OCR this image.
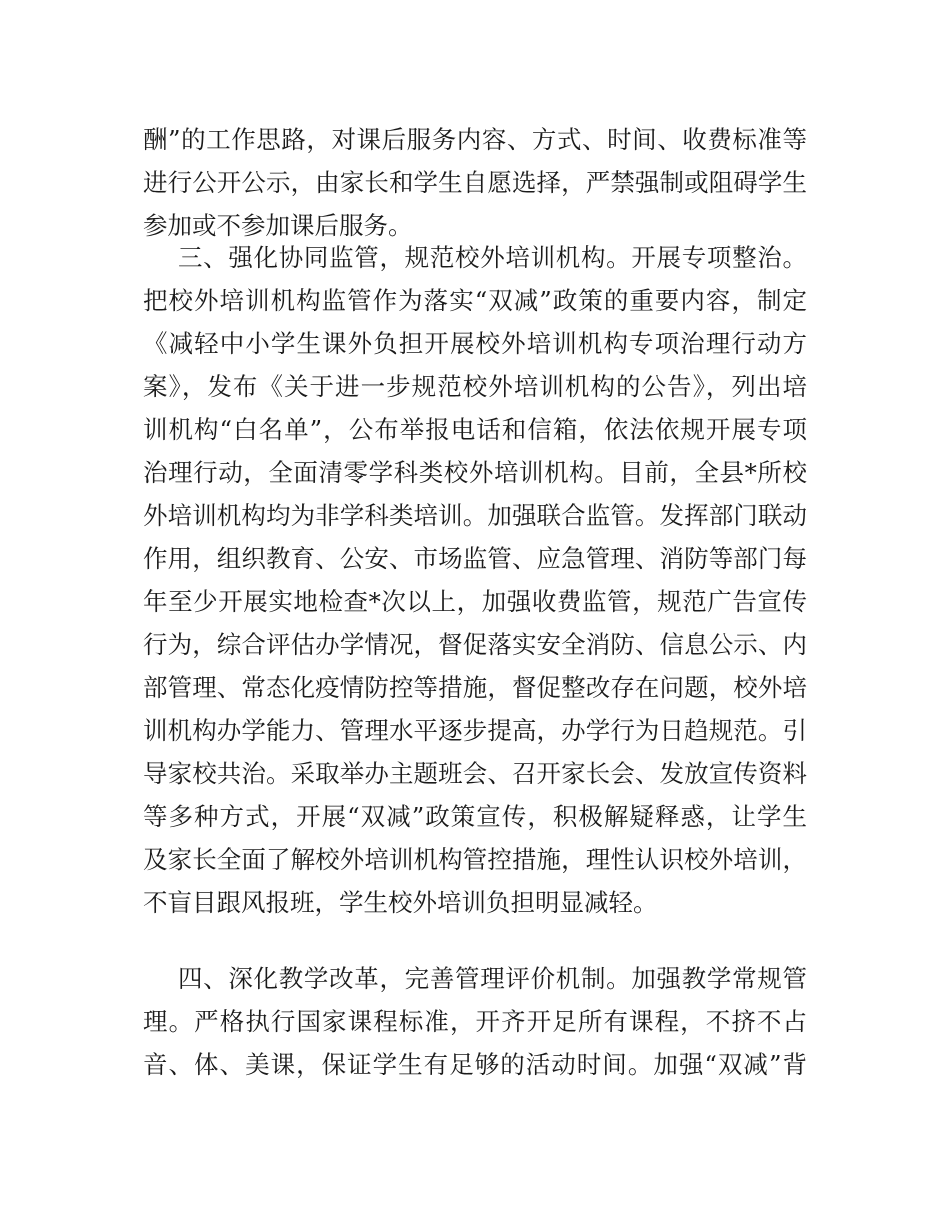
酬”的工作思路，对课后服务内容、方式、时间、收费标准等
进行公开公示，由家长和学生自愿选择，严禁强制或阻碍学生
参加或不参加课后服务。
三、强化协同监管，规范校外培训机构。开展专项整治。
把校外培训机构监管作为落实“双减”政策的重要内容，制定
《减轻中小学生课外负担开展校外培训机构专项治理行动方
案》，发布《关于进一步规范校外培训机构的公告》，列出培
训机构“白名单”，公布举报电话和信箱，依法依规开展专项
治理行动，全面清零学科类校外培训机构。目前，全县*所校
外培训机构均为非学科类培训。加强联合监管。发挥部门联动
作用，组织教育、公安、市场监管、应急管理、消防等部门每
年至少开展实地检查*次以上，加强收费监管，规范广告宣传
行为，综合评估办学情况，督促落实安全消防、信息公示、内
部管理、常态化疫情防控等措施，督促整改存在问题，校外培
训机构办学能力、管理水平逐步提高，办学行为日趋规范。引
导家校共治。采取举办主题班会、召开家长会、发放宣传资料
等多种方式，开展“双减”政策宣传，积极解疑释惑，让学生
及家长全面了解校外培训机构管控措施，理性认识校外培训，
不盲目跟风报班，学生校外培训负担明显减轻。
四、深化教学改革，完善管理评价机制。加强教学常规管
理。严格执行国家课程标准，开齐开足所有课程，不挤不占
音、体、美课，保证学生有足够的活动时间。加强“双减”背
